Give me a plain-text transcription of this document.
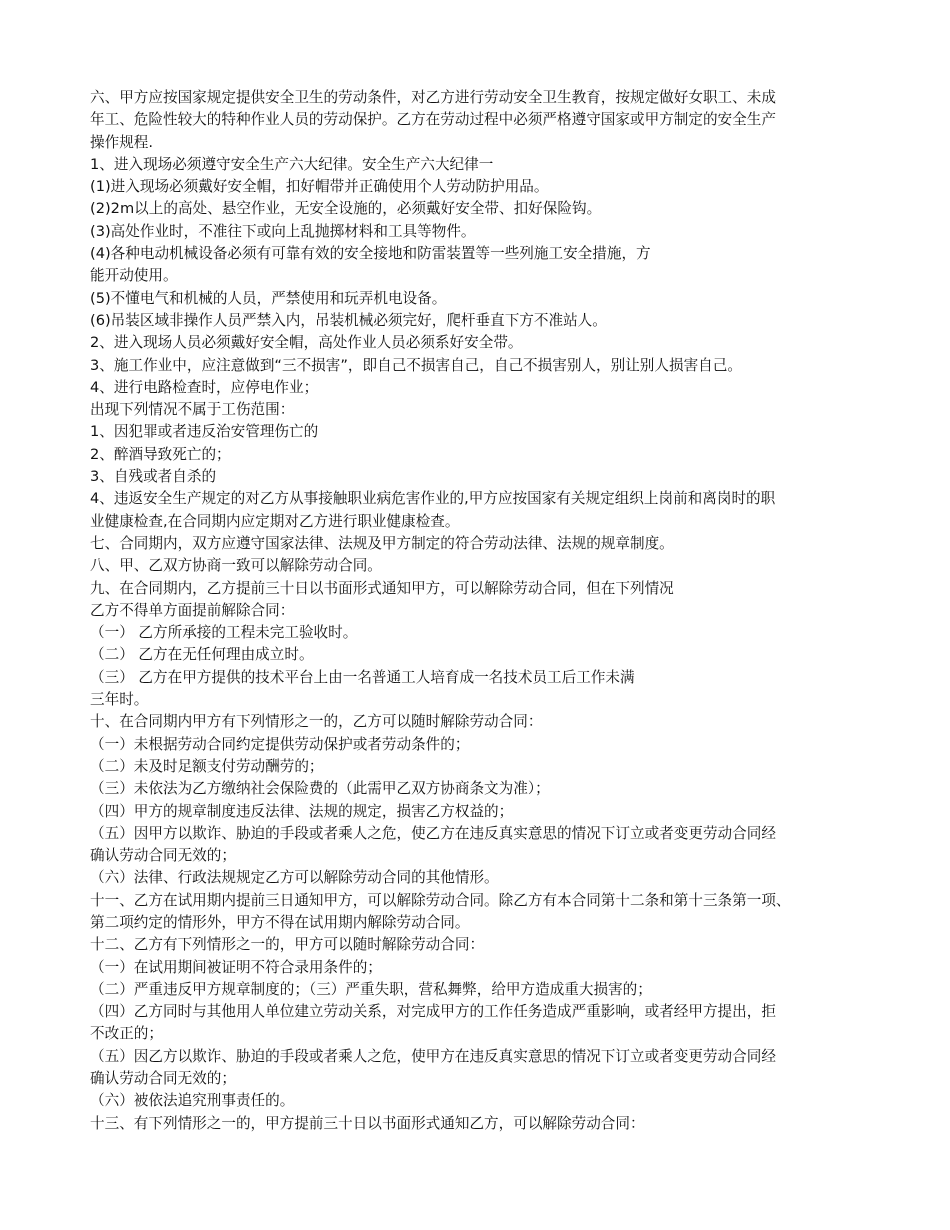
六、甲方应按国家规定提供安全卫生的劳动条件，对乙方进行劳动安全卫生教育，按规定做好女职工、未成
年工、危险性较大的特种作业人员的劳动保护。乙方在劳动过程中必须严格遵守国家或甲方制定的安全生产
操作规程.
1、进入现场必须遵守安全生产六大纪律。安全生产六大纪律一
(1)进入现场必须戴好安全帽，扣好帽带并正确使用个人劳动防护用品。
(2)2m以上的高处、悬空作业，无安全设施的，必须戴好安全带、扣好保险钩。
(3)高处作业时，不准往下或向上乱抛掷材料和工具等物件。
(4)各种电动机械设备必须有可靠有效的安全接地和防雷装置等一些列施工安全措施，方
能开动使用。
(5)不懂电气和机械的人员，严禁使用和玩弄机电设备。
(6)吊装区域非操作人员严禁入内，吊装机械必须完好，爬杆垂直下方不准站人。
2、进入现场人员必须戴好安全帽，高处作业人员必须系好安全带。
3、施工作业中，应注意做到“三不损害”，即自己不损害自己，自己不损害别人，别让别人损害自己。
4、进行电路检查时，应停电作业；
出现下列情况不属于工伤范围：
1、因犯罪或者违反治安管理伤亡的
2、醉酒导致死亡的；
3、自残或者自杀的
4、违返安全生产规定的对乙方从事接触职业病危害作业的,甲方应按国家有关规定组织上岗前和离岗时的职
业健康检查,在合同期内应定期对乙方进行职业健康检查。
七、合同期内，双方应遵守国家法律、法规及甲方制定的符合劳动法律、法规的规章制度。
八、甲、乙双方协商一致可以解除劳动合同。
九、在合同期内，乙方提前三十日以书面形式通知甲方，可以解除劳动合同，但在下列情况
乙方不得单方面提前解除合同：
（一） 乙方所承接的工程未完工验收时。
（二） 乙方在无任何理由成立时。
（三） 乙方在甲方提供的技术平台上由一名普通工人培育成一名技术员工后工作未满
三年时。
十、在合同期内甲方有下列情形之一的，乙方可以随时解除劳动合同：
（一）未根据劳动合同约定提供劳动保护或者劳动条件的；
（二）未及时足额支付劳动酬劳的；
（三）未依法为乙方缴纳社会保险费的（此需甲乙双方协商条文为准）；
（四）甲方的规章制度违反法律、法规的规定，损害乙方权益的；
（五）因甲方以欺诈、胁迫的手段或者乘人之危，使乙方在违反真实意思的情况下订立或者变更劳动合同经
确认劳动合同无效的；
（六）法律、行政法规规定乙方可以解除劳动合同的其他情形。
十一、乙方在试用期内提前三日通知甲方，可以解除劳动合同。除乙方有本合同第十二条和第十三条第一项、
第二项约定的情形外，甲方不得在试用期内解除劳动合同。
十二、乙方有下列情形之一的，甲方可以随时解除劳动合同：
（一）在试用期间被证明不符合录用条件的；
（二）严重违反甲方规章制度的；（三）严重失职，营私舞弊，给甲方造成重大损害的；
（四）乙方同时与其他用人单位建立劳动关系，对完成甲方的工作任务造成严重影响，或者经甲方提出，拒
不改正的；
（五）因乙方以欺诈、胁迫的手段或者乘人之危，使甲方在违反真实意思的情况下订立或者变更劳动合同经
确认劳动合同无效的；
（六）被依法追究刑事责任的。
十三、有下列情形之一的，甲方提前三十日以书面形式通知乙方，可以解除劳动合同：
